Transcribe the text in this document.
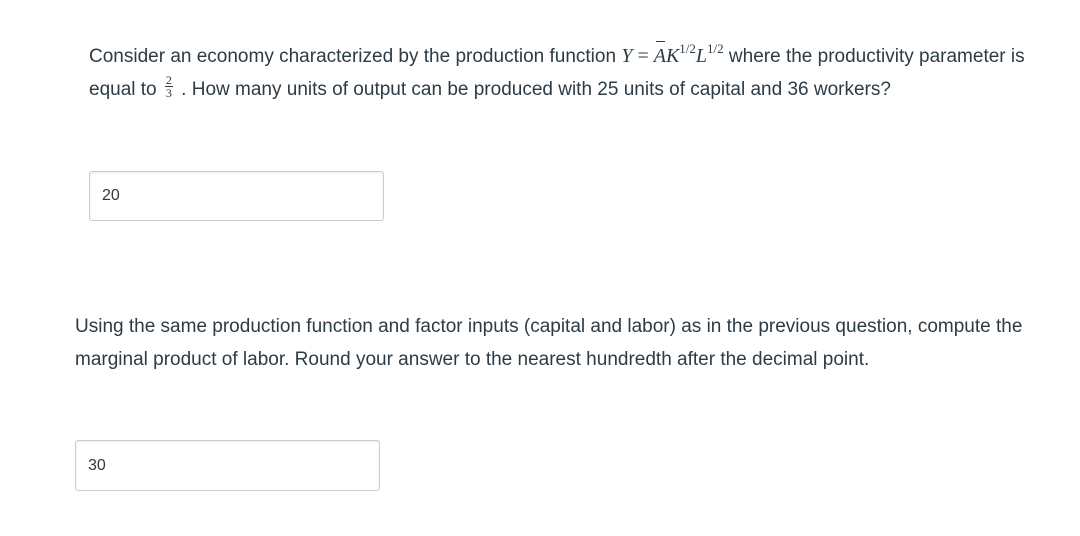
Consider an economy characterized by the production function $Y = AK^{1/2}L^{1/2}$ where the productivity parameter is equal to $\frac{2}{3}$ . How many units of output can be produced with 25 units of capital and 36 workers?

20

Using the same production function and factor inputs (capital and labor) as in the previous question, compute the marginal product of labor. Round your answer to the nearest hundredth after the decimal point.

30
